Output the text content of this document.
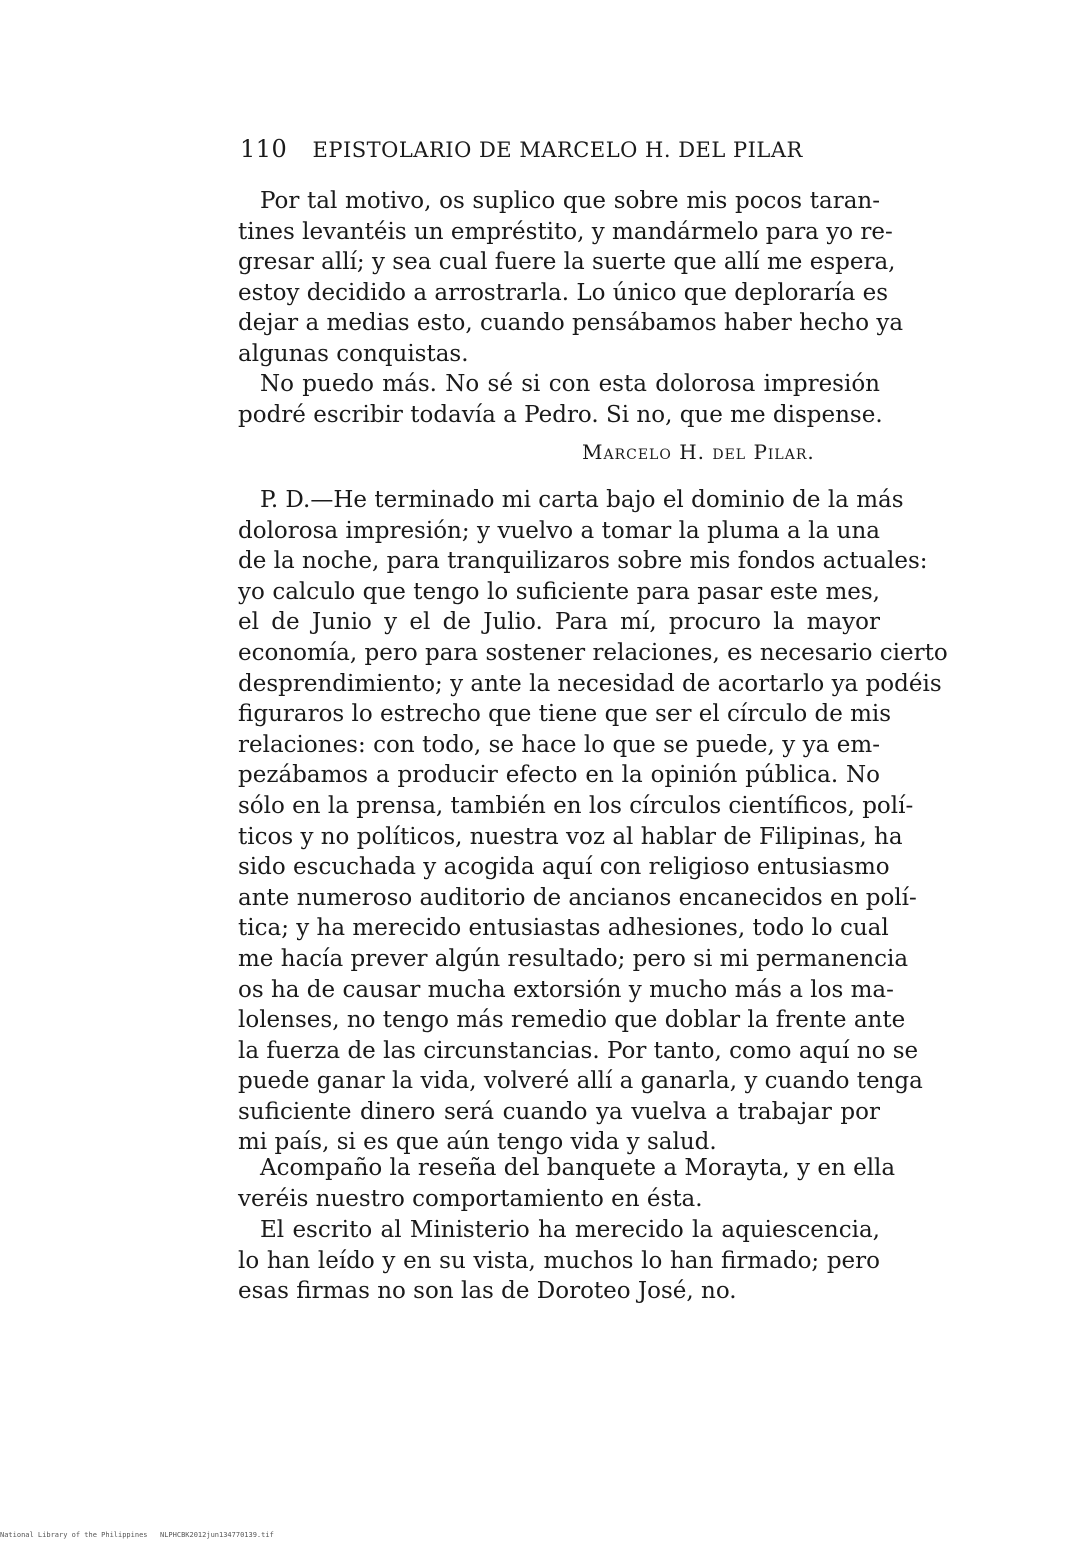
110 EPISTOLARIO DE MARCELO H. DEL PILAR
Por tal motivo, os suplico que sobre mis pocos taran-
tines levantéis un empréstito, y mandármelo para yo re-
gresar allí; y sea cual fuere la suerte que allí me espera,
estoy decidido a arrostrarla. Lo único que deploraría es
dejar a medias esto, cuando pensábamos haber hecho ya
algunas conquistas.
No puedo más. No sé si con esta dolorosa impresión
podré escribir todavía a Pedro. Si no, que me dispense.
Marcelo H. del Pilar.
P. D.—He terminado mi carta bajo el dominio de la más
dolorosa impresión; y vuelvo a tomar la pluma a la una
de la noche, para tranquilizaros sobre mis fondos actuales:
yo calculo que tengo lo suficiente para pasar este mes,
el de Junio y el de Julio. Para mí, procuro la mayor
economía, pero para sostener relaciones, es necesario cierto
desprendimiento; y ante la necesidad de acortarlo ya podéis
figuraros lo estrecho que tiene que ser el círculo de mis
relaciones: con todo, se hace lo que se puede, y ya em-
pezábamos a producir efecto en la opinión pública. No
sólo en la prensa, también en los círculos científicos, polí-
ticos y no políticos, nuestra voz al hablar de Filipinas, ha
sido escuchada y acogida aquí con religioso entusiasmo
ante numeroso auditorio de ancianos encanecidos en polí-
tica; y ha merecido entusiastas adhesiones, todo lo cual
me hacía prever algún resultado; pero si mi permanencia
os ha de causar mucha extorsión y mucho más a los ma-
lolenses, no tengo más remedio que doblar la frente ante
la fuerza de las circunstancias. Por tanto, como aquí no se
puede ganar la vida, volveré allí a ganarla, y cuando tenga
suficiente dinero será cuando ya vuelva a trabajar por
mi país, si es que aún tengo vida y salud.
Acompaño la reseña del banquete a Morayta, y en ella
veréis nuestro comportamiento en ésta.
El escrito al Ministerio ha merecido la aquiescencia,
lo han leído y en su vista, muchos lo han firmado; pero
esas firmas no son las de Doroteo José, no.
National Library of the Philippines NLPHCBK2012jun134770139.tif
